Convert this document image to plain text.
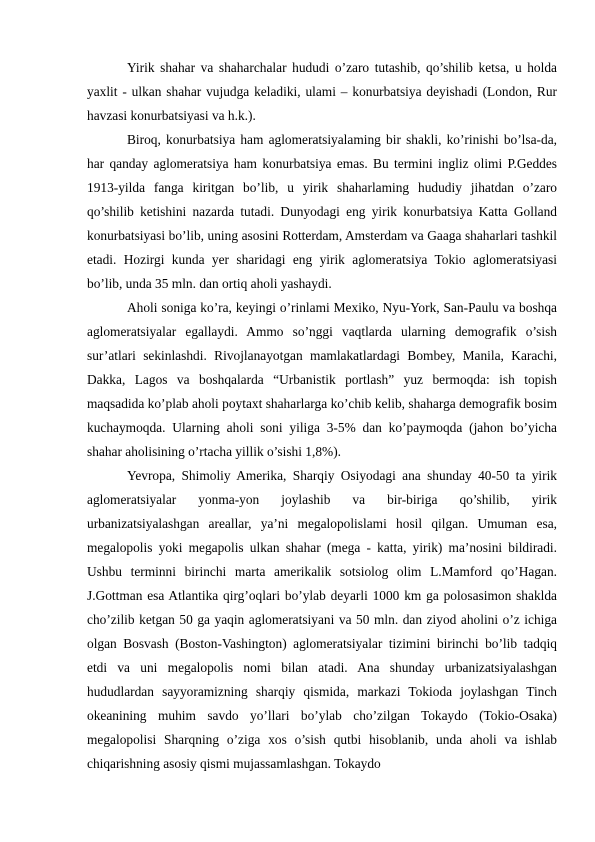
Yirik shahar va shaharchalar hududi o’zaro tutashib, qo’shilib ketsa, u holda yaxlit - ulkan shahar vujudga keladiki, ulami – konurbatsiya deyishadi (London, Rur havzasi konurbatsiyasi va h.k.).

Biroq, konurbatsiya ham aglomeratsiyalaming bir shakli, ko’rinishi bo’lsa-da, har qanday aglomeratsiya ham konurbatsiya emas. Bu termini ingliz olimi P.Geddes 1913-yilda fanga kiritgan bo’lib, u yirik shaharlaming hududiy jihatdan o’zaro qo’shilib ketishini nazarda tutadi. Dunyodagi eng yirik konurbatsiya Katta Golland konurbatsiyasi bo’lib, uning asosini Rotterdam, Amsterdam va Gaaga shaharlari tashkil etadi. Hozirgi kunda yer sharidagi eng yirik aglomeratsiya Tokio aglomeratsiyasi bo’lib, unda 35 mln. dan ortiq aholi yashaydi.

Aholi soniga ko’ra, keyingi o’rinlami Mexiko, Nyu-York, San-Paulu va boshqa aglomeratsiyalar egallaydi. Ammo so’nggi vaqtlarda ularning demografik o’sish sur’atlari sekinlashdi. Rivojlanayotgan mamlakatlardagi Bombey, Manila, Karachi, Dakka, Lagos va boshqalarda “Urbanistik portlash” yuz bermoqda: ish topish maqsadida ko’plab aholi poytaxt shaharlarga ko’chib kelib, shaharga demografik bosim kuchaymoqda. Ularning aholi soni yiliga 3-5% dan ko’paymoqda (jahon bo’yicha shahar aholisining o’rtacha yillik o’sishi 1,8%).

Yevropa, Shimoliy Amerika, Sharqiy Osiyodagi ana shunday 40-50 ta yirik aglomeratsiyalar yonma-yon joylashib va bir-biriga qo’shilib, yirik urbanizatsiyalashgan areallar, ya’ni megalopolislami hosil qilgan. Umuman esa, megalopolis yoki megapolis ulkan shahar (mega - katta, yirik) ma’nosini bildiradi. Ushbu terminni birinchi marta amerikalik sotsiolog olim L.Mamford qo’Hagan. J.Gottman esa Atlantika qirg’oqlari bo’ylab deyarli 1000 km ga polosasimon shaklda cho’zilib ketgan 50 ga yaqin aglomeratsiyani va 50 mln. dan ziyod aholini o’z ichiga olgan Bosvash (Boston-Vashington) aglomeratsiyalar tizimini birinchi bo’lib tadqiq etdi va uni megalopolis nomi bilan atadi. Ana shunday urbanizatsiyalashgan hududlardan sayyoramizning sharqiy qismida, markazi Tokioda joylashgan Tinch okeanining muhim savdo yo’llari bo’ylab cho’zilgan Tokaydo (Tokio-Osaka) megalopolisi Sharqning o’ziga xos o’sish qutbi hisoblanib, unda aholi va ishlab chiqarishning asosiy qismi mujassamlashgan. Tokaydo
